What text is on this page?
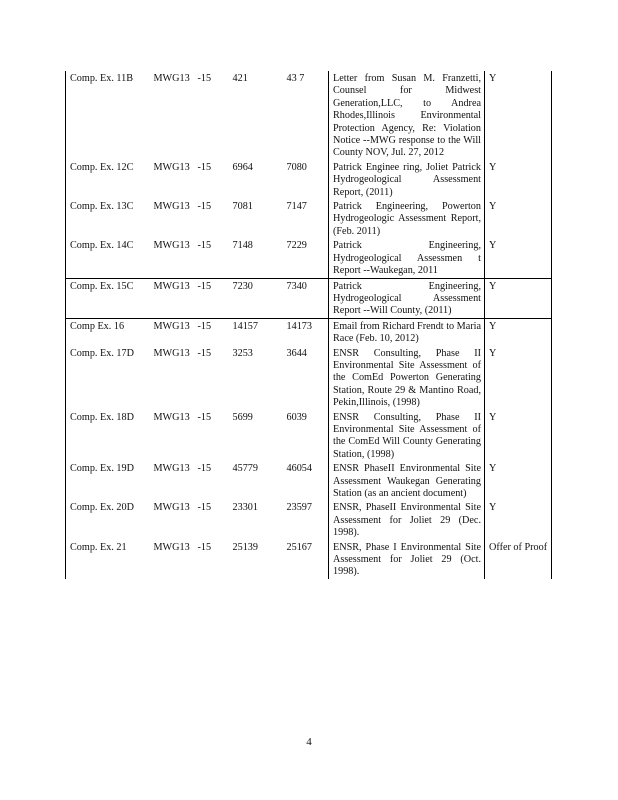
Comp. Ex. 11B	MWG13	-15	421	43 7	Letter from Susan M. Franzetti, Counsel for Midwest Generation,LLC, to Andrea Rhodes,Illinois Environmental Protection Agency, Re: Violation Notice --MWG response to the Will County NOV, Jul. 27, 2012	Y
Comp. Ex. 12C	MWG13	-15	6964	7080	Patrick Enginee ring, Joliet Patrick Hydrogeological Assessment Report, (2011)	Y
Comp. Ex. 13C	MWG13	-15	7081	7147	Patrick Engineering, Powerton Hydrogeologic Assessment Report, (Feb. 2011)	Y
Comp. Ex. 14C	MWG13	-15	7148	7229	Patrick Engineering, Hydrogeological Assessmen t Report --Waukegan, 2011	Y
Comp. Ex. 15C	MWG13	-15	7230	7340	Patrick Engineering, Hydrogeological Assessment Report --Will County, (2011)	Y
Comp Ex. 16	MWG13	-15	14157	14173	Email from Richard Frendt to Maria Race (Feb. 10, 2012)	Y
Comp. Ex. 17D	MWG13	-15	3253	3644	ENSR Consulting, Phase II Environmental Site Assessment of the ComEd Powerton Generating Station, Route 29 & Mantino Road, Pekin,Illinois, (1998)	Y
Comp. Ex. 18D	MWG13	-15	5699	6039	ENSR Consulting, Phase II Environmental Site Assessment of the ComEd Will County Generating Station, (1998)	Y
Comp. Ex. 19D	MWG13	-15	45779	46054	ENSR PhaseII Environmental Site Assessment Waukegan Generating Station (as an ancient document)	Y
Comp. Ex. 20D	MWG13	-15	23301	23597	ENSR, PhaseII Environmental Site Assessment for Joliet 29 (Dec. 1998).	Y
Comp. Ex. 21	MWG13	-15	25139	25167	ENSR, Phase I Environmental Site Assessment for Joliet 29 (Oct. 1998).	Offer of Proof
4
